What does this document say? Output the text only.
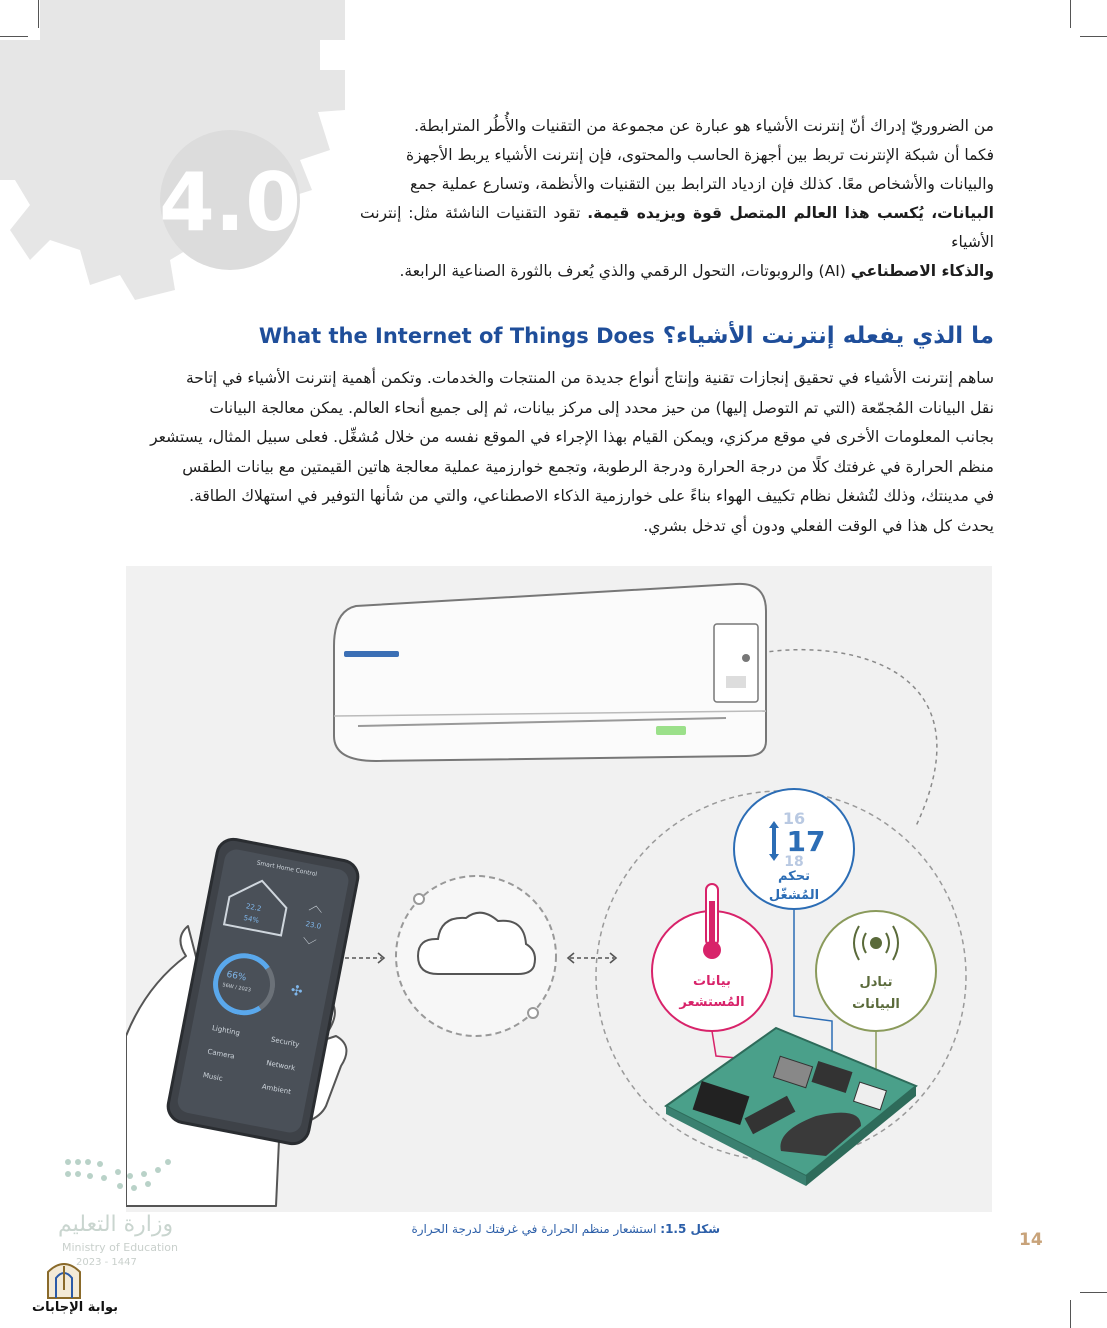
4.0
من الضروريّ إدراك أنّ إنترنت الأشياء هو عبارة عن مجموعة من التقنيات والأُطُر المترابطة.
فكما أن شبكة الإنترنت تربط بين أجهزة الحاسب والمحتوى، فإن إنترنت الأشياء يربط الأجهزة
والبيانات والأشخاص معًا. كذلك فإن ازدياد الترابط بين التقنيات والأنظمة، وتسارع عملية جمع
البيانات، يُكسب هذا العالم المتصل قوة ويزيده قيمة. تقود التقنيات الناشئة مثل: إنترنت الأشياء
والذكاء الاصطناعي (AI) والروبوتات، التحول الرقمي والذي يُعرف بالثورة الصناعية الرابعة.
ما الذي يفعله إنترنت الأشياء؟ What the Internet of Things Does
ساهم إنترنت الأشياء في تحقيق إنجازات تقنية وإنتاج أنواع جديدة من المنتجات والخدمات. وتكمن أهمية إنترنت الأشياء في إتاحة
نقل البيانات المُجمّعة (التي تم التوصل إليها) من حيز محدد إلى مركز بيانات، ثم إلى جميع أنحاء العالم. يمكن معالجة البيانات
بجانب المعلومات الأخرى في موقع مركزي، ويمكن القيام بهذا الإجراء في الموقع نفسه من خلال مُشغِّل. فعلى سبيل المثال، يستشعر
منظم الحرارة في غرفتك كلًا من درجة الحرارة ودرجة الرطوبة، وتجمع خوارزمية عملية معالجة هاتين القيمتين مع بيانات الطقس
في مدينتك، وذلك لتُشغل نظام تكييف الهواء بناءً على خوارزمية الذكاء الاصطناعي، والتي من شأنها التوفير في استهلاك الطاقة.
يحدث كل هذا في الوقت الفعلي ودون أي تدخل بشري.
16
17
18
تحكم
المُشغّل
بيانات
المُستشعر
تبادل
البيانات
Smart Home Control
22.2
54%
︿
23.0
﹀
66%
56W / 2023	✣
Lighting
Security
Camera
Network
Music
Ambient
شكل 1.5: استشعار منظم الحرارة في غرفتك لدرجة الحرارة
14
وزارة التعليم
Ministry of Education
2023 - 1447
بوابة الإجابات
